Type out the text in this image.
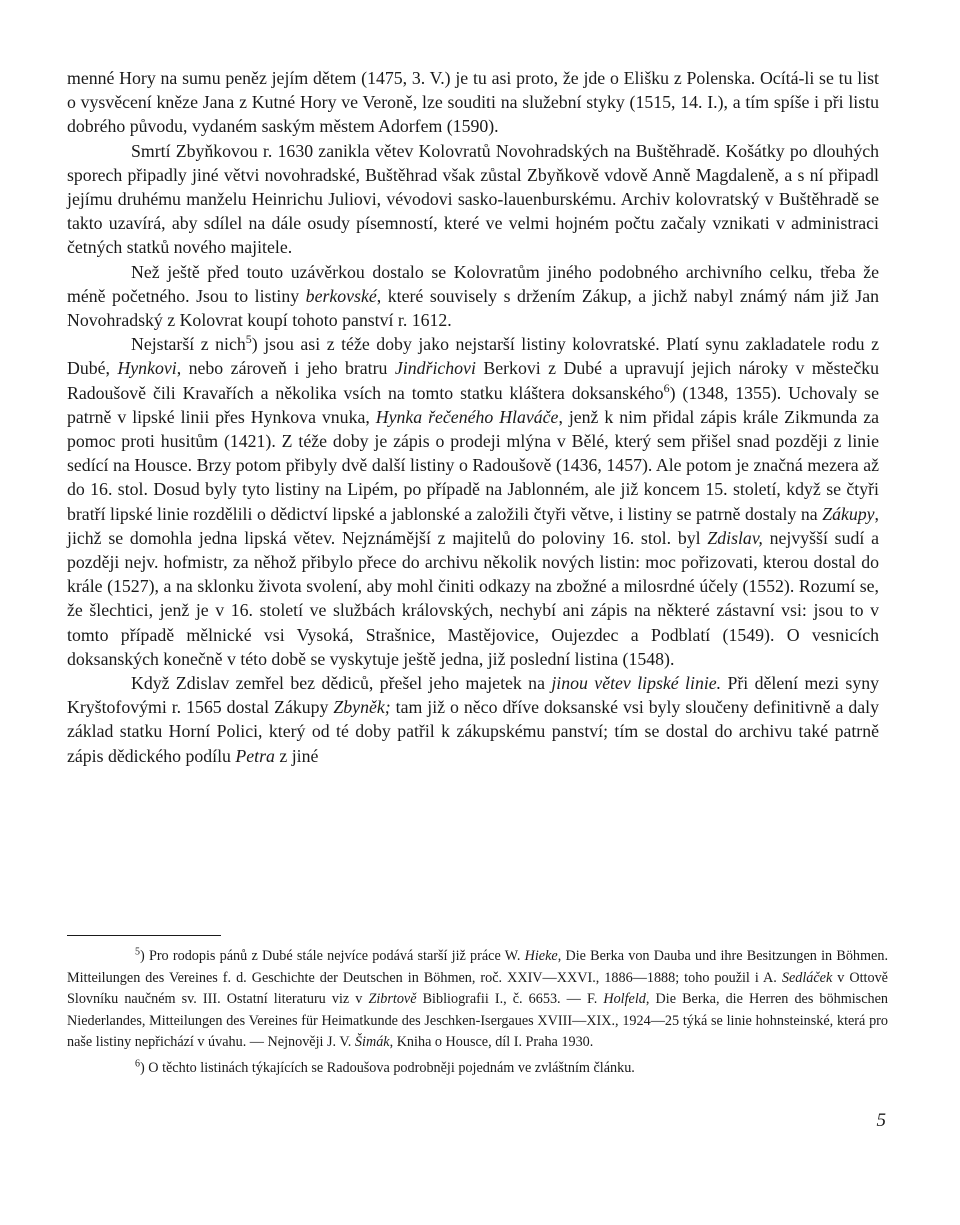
menné Hory na sumu peněz jejím dětem (1475, 3. V.) je tu asi proto, že jde o Elišku z Polenska. Ocítá-li se tu list o vysvěcení kněze Jana z Kutné Hory ve Veroně, lze souditi na služební styky (1515, 14. I.), a tím spíše i při listu dobrého původu, vydaném saským městem Adorfem (1590).

Smrtí Zbyňkovou r. 1630 zanikla větev Kolovratů Novohradských na Buštěhradě. Košátky po dlouhých sporech připadly jiné větvi novohradské, Buštěhrad však zůstal Zbyňkově vdově Anně Magdaleně, a s ní připadl jejímu druhému manželu Heinrichu Juliovi, vévodovi sasko-lauenburskému. Archiv kolovratský v Buštěhradě se takto uzavírá, aby sdílel na dále osudy písemností, které ve velmi hojném počtu začaly vznikati v administraci četných statků nového majitele.

Než ještě před touto uzávěrkou dostalo se Kolovratům jiného podobného archivního celku, třeba že méně početného. Jsou to listiny berkovské, které souvisely s držením Zákup, a jichž nabyl známý nám již Jan Novohradský z Kolovrat koupí tohoto panství r. 1612.

Nejstarší z nich$^5$) jsou asi z téže doby jako nejstarší listiny kolovratské. Platí synu zakladatele rodu z Dubé, Hynkovi, nebo zároveň i jeho bratru Jindřichovi Berkovi z Dubé a upravují jejich nároky v městečku Radoušově čili Kravařích a několika vsích na tomto statku kláštera doksanského$^6$) (1348, 1355). Uchovaly se patrně v lipské linii přes Hynkova vnuka, Hynka řečeného Hlaváče, jenž k nim přidal zápis krále Zikmunda za pomoc proti husitům (1421). Z téže doby je zápis o prodeji mlýna v Bělé, který sem přišel snad později z linie sedící na Housce. Brzy potom přibyly dvě další listiny o Radoušově (1436, 1457). Ale potom je značná mezera až do 16. stol. Dosud byly tyto listiny na Lipém, po případě na Jablonném, ale již koncem 15. století, když se čtyři bratří lipské linie rozdělili o dědictví lipské a jablonské a založili čtyři větve, i listiny se patrně dostaly na Zákupy, jichž se domohla jedna lipská větev. Nejznámější z majitelů do poloviny 16. stol. byl Zdislav, nejvyšší sudí a později nejv. hofmistr, za něhož přibylo přece do archivu několik nových listin: moc pořizovati, kterou dostal do krále (1527), a na sklonku života svolení, aby mohl činiti odkazy na zbožné a milosrdné účely (1552). Rozumí se, že šlechtici, jenž je v 16. století ve službách královských, nechybí ani zápis na některé zástavní vsi: jsou to v tomto případě mělnické vsi Vysoká, Strašnice, Mastějovice, Oujezdec a Podblatí (1549). O vesnicích doksanských konečně v této době se vyskytuje ještě jedna, již poslední listina (1548).

Když Zdislav zemřel bez dědiců, přešel jeho majetek na jinou větev lipské linie. Při dělení mezi syny Kryštofovými r. 1565 dostal Zákupy Zbyněk; tam již o něco dříve doksanské vsi byly sloučeny definitivně a daly základ statku Horní Polici, který od té doby patřil k zákupskému panství; tím se dostal do archivu také patrně zápis dědického podílu Petra z jiné

$^5$) Pro rodopis pánů z Dubé stále nejvíce podává starší již práce W. Hieke, Die Berka von Dauba und ihre Besitzungen in Böhmen. Mitteilungen des Vereines f. d. Geschichte der Deutschen in Böhmen, roč. XXIV—XXVI., 1886—1888; toho použil i A. Sedláček v Ottově Slovníku naučném sv. III. Ostatní literaturu viz v Zibrtově Bibliografii I., č. 6653. — F. Holfeld, Die Berka, die Herren des böhmischen Niederlandes, Mitteilungen des Vereines für Heimatkunde des Jeschken-Isergaues XVIII—XIX., 1924—25 týká se linie hohnsteinské, která pro naše listiny nepřichází v úvahu. — Nejnověji J. V. Šimák, Kniha o Housce, díl I. Praha 1930.

$^6$) O těchto listinách týkajících se Radoušova podrobněji pojednám ve zvláštním článku.

5
